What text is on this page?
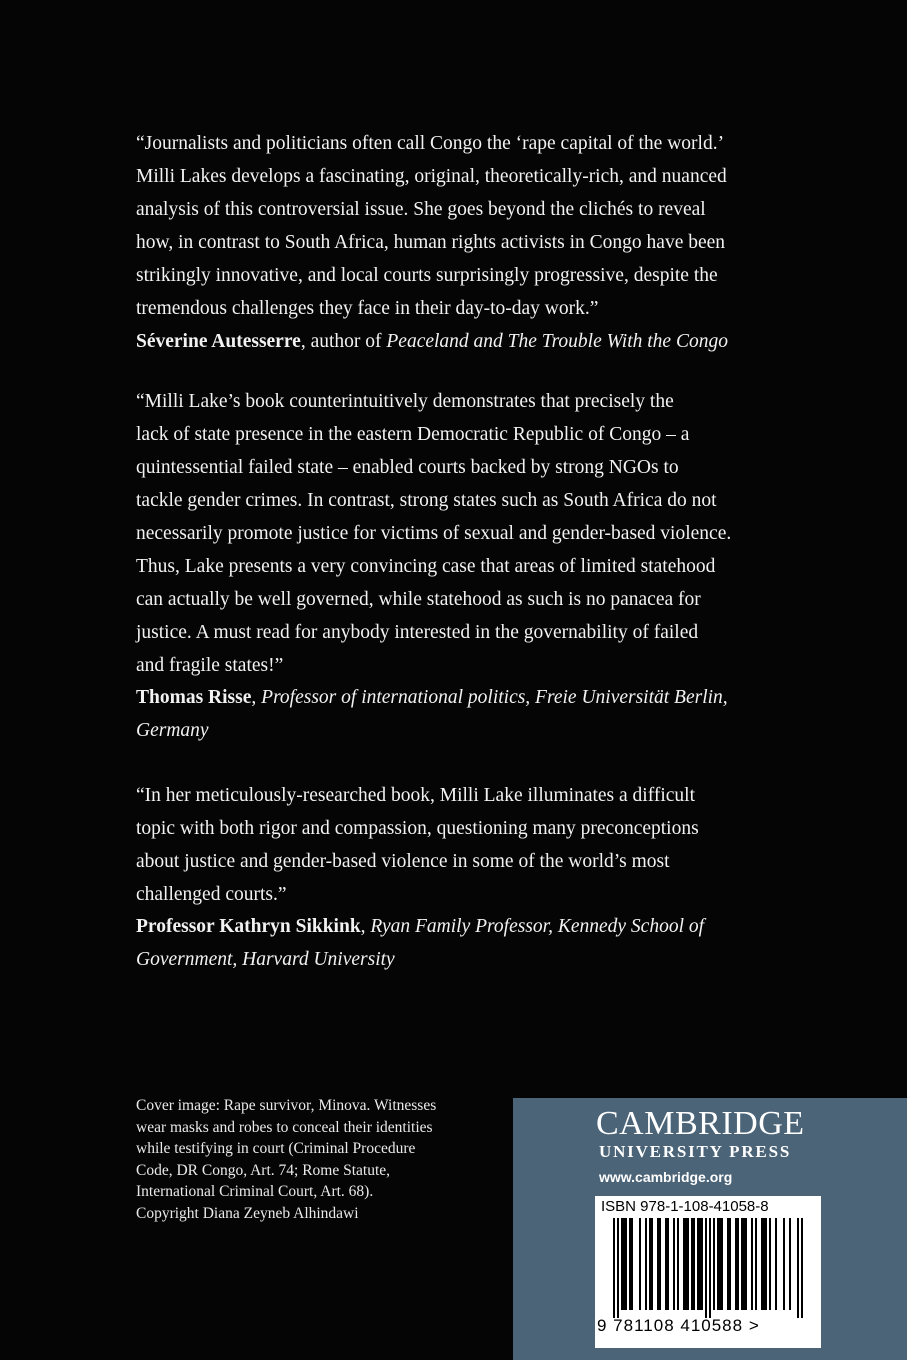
“Journalists and politicians often call Congo the ‘rape capital of the world.’
Milli Lakes develops a fascinating, original, theoretically-rich, and nuanced
analysis of this controversial issue. She goes beyond the clichés to reveal
how, in contrast to South Africa, human rights activists in Congo have been
strikingly innovative, and local courts surprisingly progressive, despite the
tremendous challenges they face in their day-to-day work.”

Séverine Autesserre, author of Peaceland and The Trouble With the Congo

“Milli Lake’s book counterintuitively demonstrates that precisely the
lack of state presence in the eastern Democratic Republic of Congo – a
quintessential failed state – enabled courts backed by strong NGOs to
tackle gender crimes. In contrast, strong states such as South Africa do not
necessarily promote justice for victims of sexual and gender-based violence.
Thus, Lake presents a very convincing case that areas of limited statehood
can actually be well governed, while statehood as such is no panacea for
justice. A must read for anybody interested in the governability of failed
and fragile states!”

Thomas Risse, Professor of international politics, Freie Universität Berlin,
Germany

“In her meticulously-researched book, Milli Lake illuminates a difficult
topic with both rigor and compassion, questioning many preconceptions
about justice and gender-based violence in some of the world’s most
challenged courts.”

Professor Kathryn Sikkink, Ryan Family Professor, Kennedy School of
Government, Harvard University

Cover image: Rape survivor, Minova. Witnesses
wear masks and robes to conceal their identities
while testifying in court (Criminal Procedure
Code, DR Congo, Art. 74; Rome Statute,
International Criminal Court, Art. 68).
Copyright Diana Zeyneb Alhindawi
CAMBRIDGE
UNIVERSITY PRESS
www.cambridge.org
ISBN 978-1-108-41058-8
9 781108 410588 >
